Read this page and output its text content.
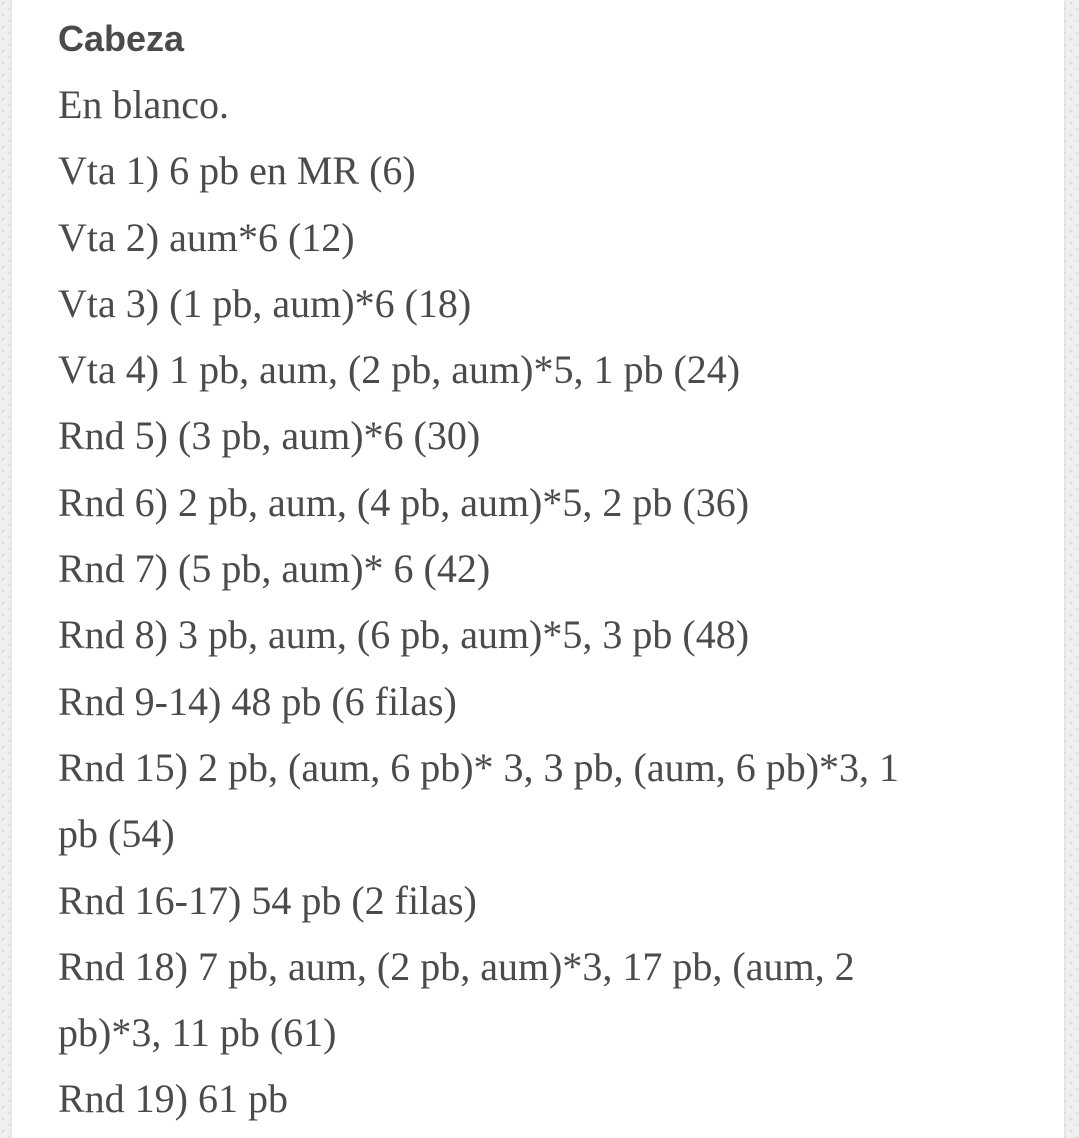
Cabeza

En blanco.

Vta 1) 6 pb en MR (6)

Vta 2) aum*6 (12)

Vta 3) (1 pb, aum)*6 (18)

Vta 4) 1 pb, aum, (2 pb, aum)*5, 1 pb (24)

Rnd 5) (3 pb, aum)*6 (30)

Rnd 6) 2 pb, aum, (4 pb, aum)*5, 2 pb (36)

Rnd 7) (5 pb, aum)* 6 (42)

Rnd 8) 3 pb, aum, (6 pb, aum)*5, 3 pb (48)

Rnd 9-14) 48 pb (6 filas)

Rnd 15) 2 pb, (aum, 6 pb)* 3, 3 pb, (aum, 6 pb)*3, 1

pb (54)

Rnd 16-17) 54 pb (2 filas)

Rnd 18) 7 pb, aum, (2 pb, aum)*3, 17 pb, (aum, 2

pb)*3, 11 pb (61)

Rnd 19) 61 pb
